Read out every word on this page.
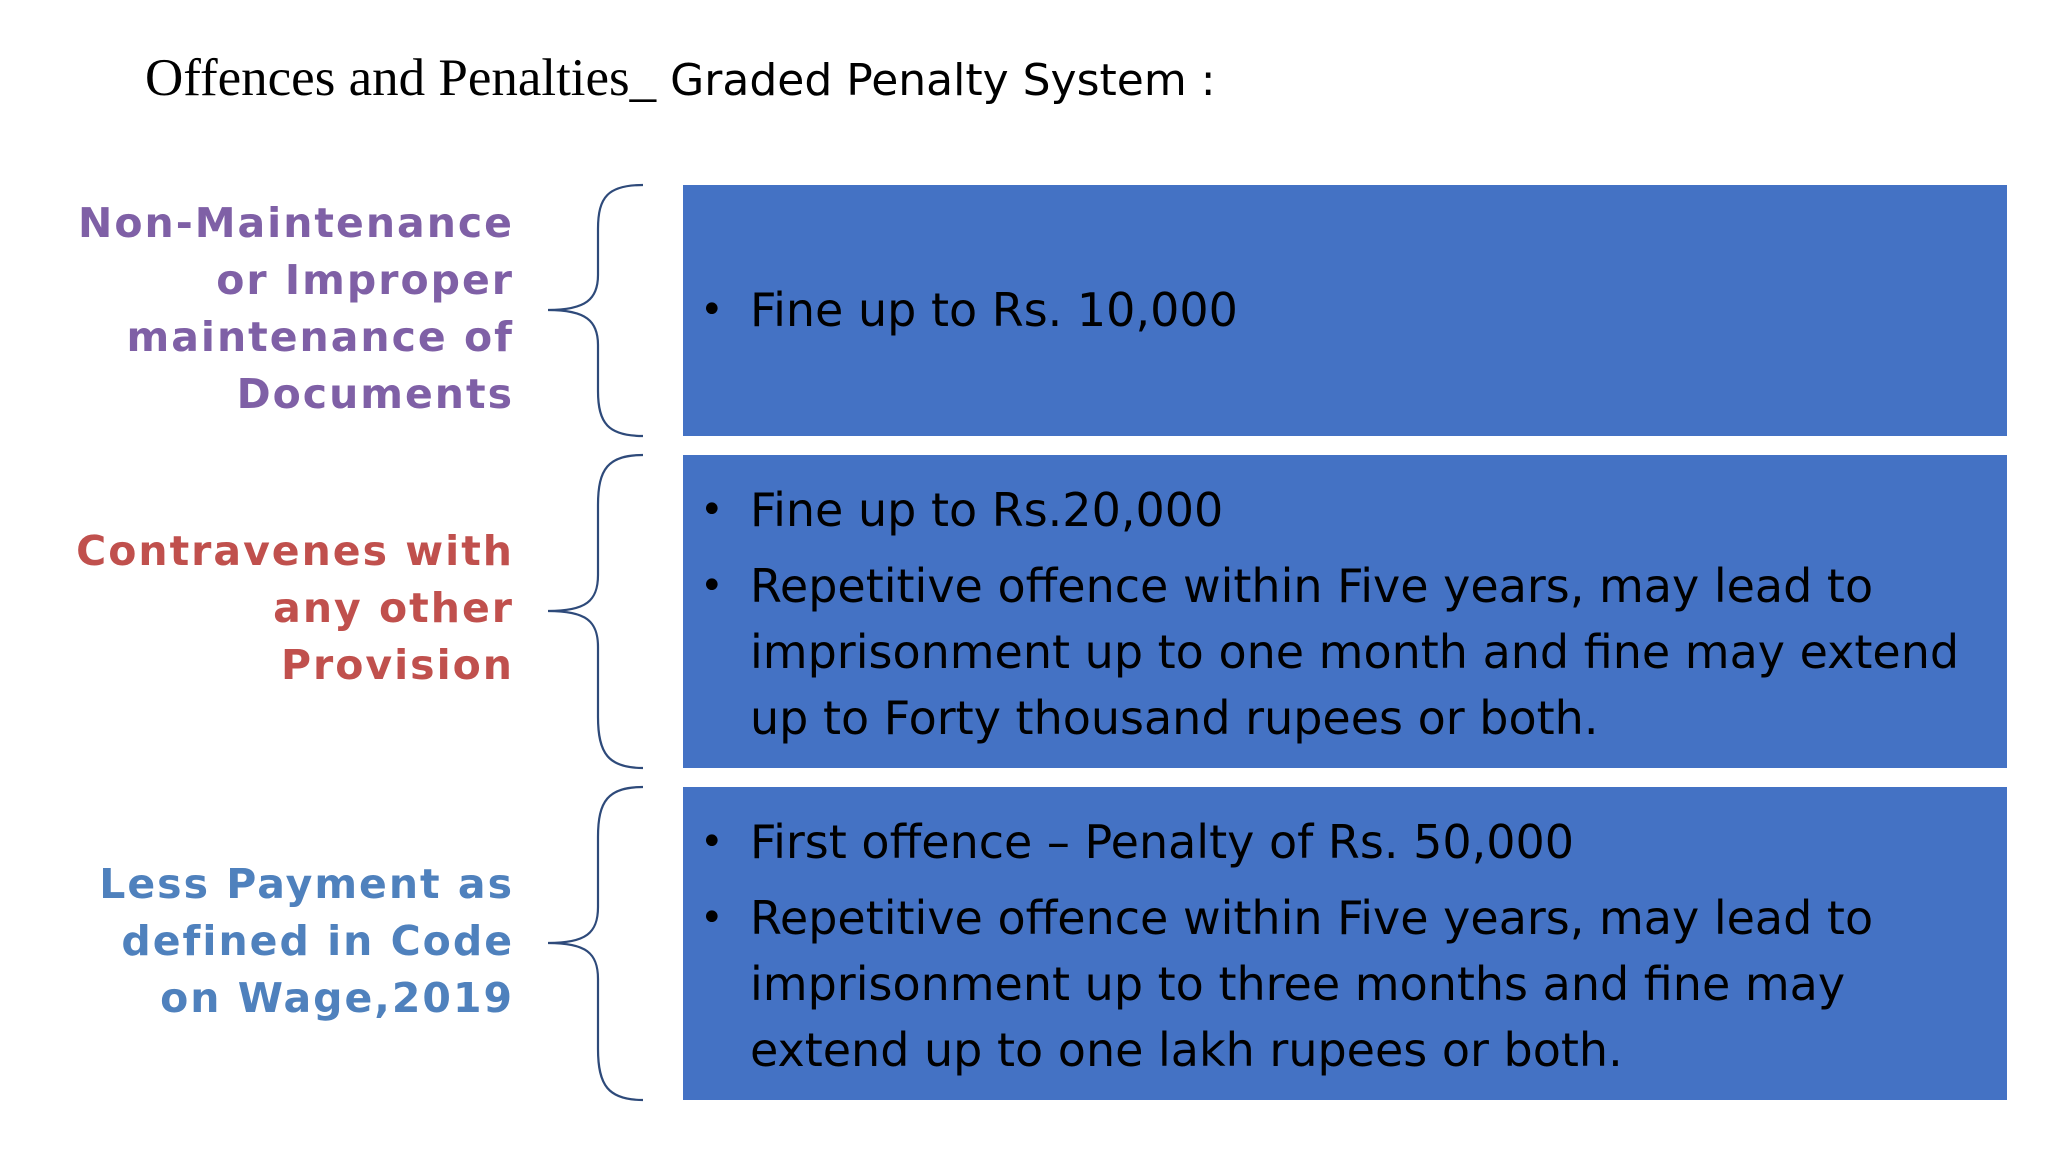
Offences and Penalties_ Graded Penalty System :
Non-Maintenance
or Improper
maintenance of
Documents
• Fine up to Rs. 10,000
Contravenes with
any other
Provision
• Fine up to Rs.20,000
• Repetitive offence within Five years, may lead to imprisonment up to one month and fine may extend up to Forty thousand rupees or both.
Less Payment as
defined in Code
on Wage,2019
• First offence – Penalty of Rs. 50,000
• Repetitive offence within Five years, may lead to imprisonment up to three months and fine may extend up to one lakh rupees or both.
